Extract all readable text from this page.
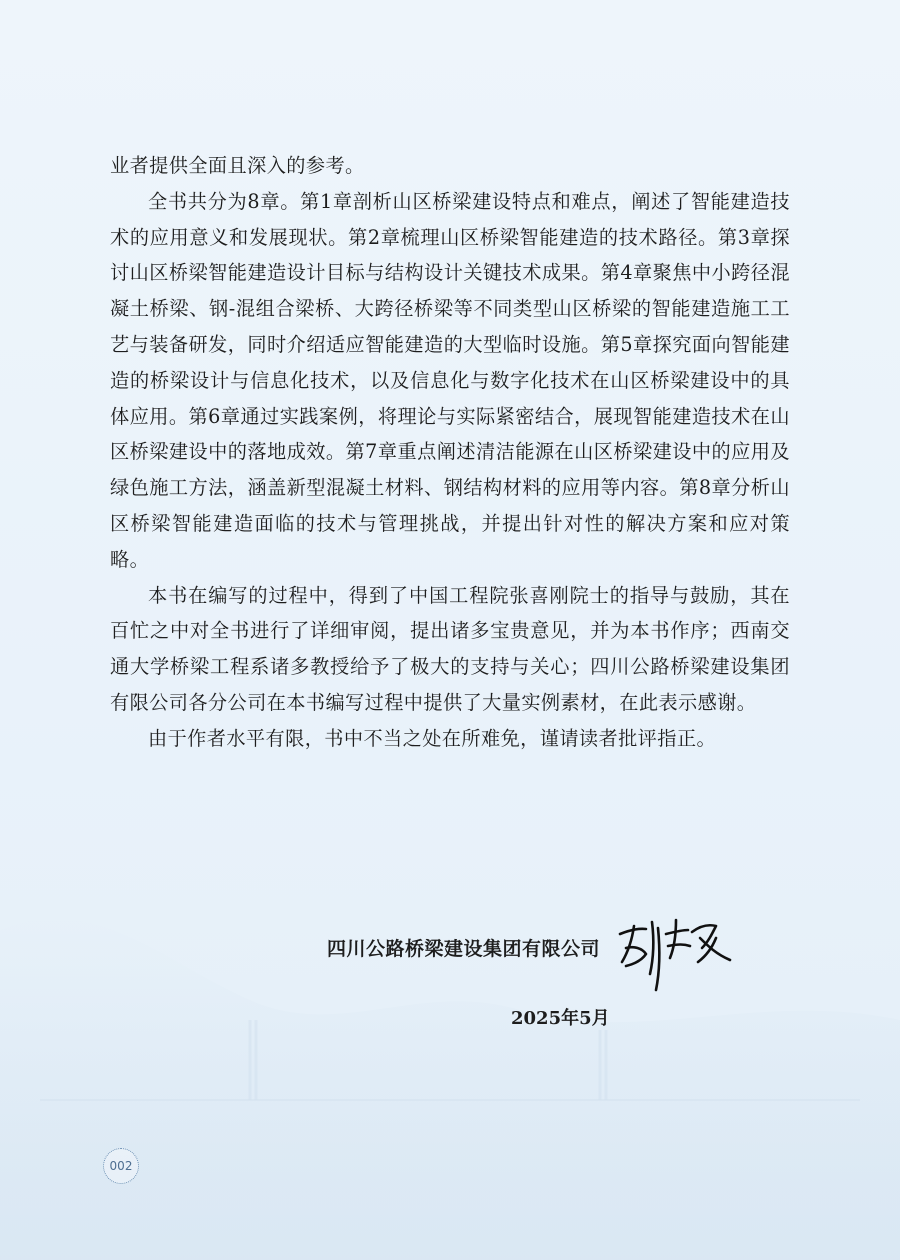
业者提供全面且深入的参考。

全书共分为8章。第1章剖析山区桥梁建设特点和难点，阐述了智能建造技术的应用意义和发展现状。第2章梳理山区桥梁智能建造的技术路径。第3章探讨山区桥梁智能建造设计目标与结构设计关键技术成果。第4章聚焦中小跨径混凝土桥梁、钢-混组合梁桥、大跨径桥梁等不同类型山区桥梁的智能建造施工工艺与装备研发，同时介绍适应智能建造的大型临时设施。第5章探究面向智能建造的桥梁设计与信息化技术，以及信息化与数字化技术在山区桥梁建设中的具体应用。第6章通过实践案例，将理论与实际紧密结合，展现智能建造技术在山区桥梁建设中的落地成效。第7章重点阐述清洁能源在山区桥梁建设中的应用及绿色施工方法，涵盖新型混凝土材料、钢结构材料的应用等内容。第8章分析山区桥梁智能建造面临的技术与管理挑战，并提出针对性的解决方案和应对策略。

本书在编写的过程中，得到了中国工程院张喜刚院士的指导与鼓励，其在百忙之中对全书进行了详细审阅，提出诸多宝贵意见，并为本书作序；西南交通大学桥梁工程系诸多教授给予了极大的支持与关心；四川公路桥梁建设集团有限公司各分公司在本书编写过程中提供了大量实例素材，在此表示感谢。

由于作者水平有限，书中不当之处在所难免，谨请读者批评指正。

四川公路桥梁建设集团有限公司
2025年5月
002
